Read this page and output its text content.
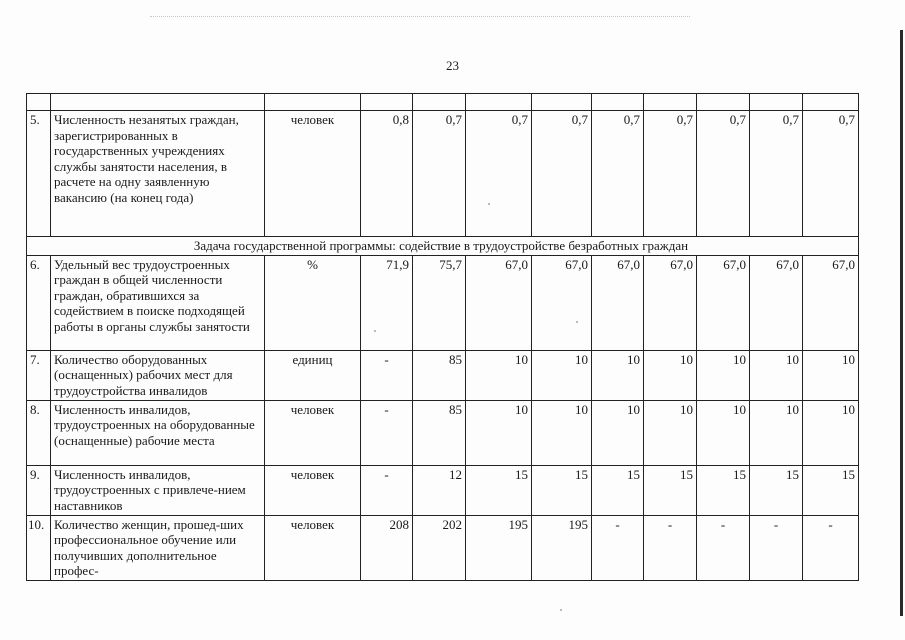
23

5.	Численность незанятых граждан, зарегистрированных в государственных учреждениях службы занятости населения, в расчете на одну заявленную вакансию (на конец года)	человек	0,8	0,7	0,7	0,7	0,7	0,7	0,7	0,7	0,7
Задача государственной программы: содействие в трудоустройстве безработных граждан											
6.	Удельный вес трудоустроенных граждан в общей численности граждан, обратившихся за содействием в поиске подходящей работы в органы службы занятости	%	71,9	75,7	67,0	67,0	67,0	67,0	67,0	67,0	67,0
7.	Количество оборудованных (оснащенных) рабочих мест для трудоустройства инвалидов	единиц	-	85	10	10	10	10	10	10	10
8.	Численность инвалидов, трудоустроенных на оборудованные (оснащенные) рабочие места	человек	-	85	10	10	10	10	10	10	10
9.	Численность инвалидов, трудоустроенных с привлече-нием наставников	человек	-	12	15	15	15	15	15	15	15
10.	Количество женщин, прошед-ших профессиональное обучение или получивших дополнительное профес-	человек	208	202	195	195	-	-	-	-	-
